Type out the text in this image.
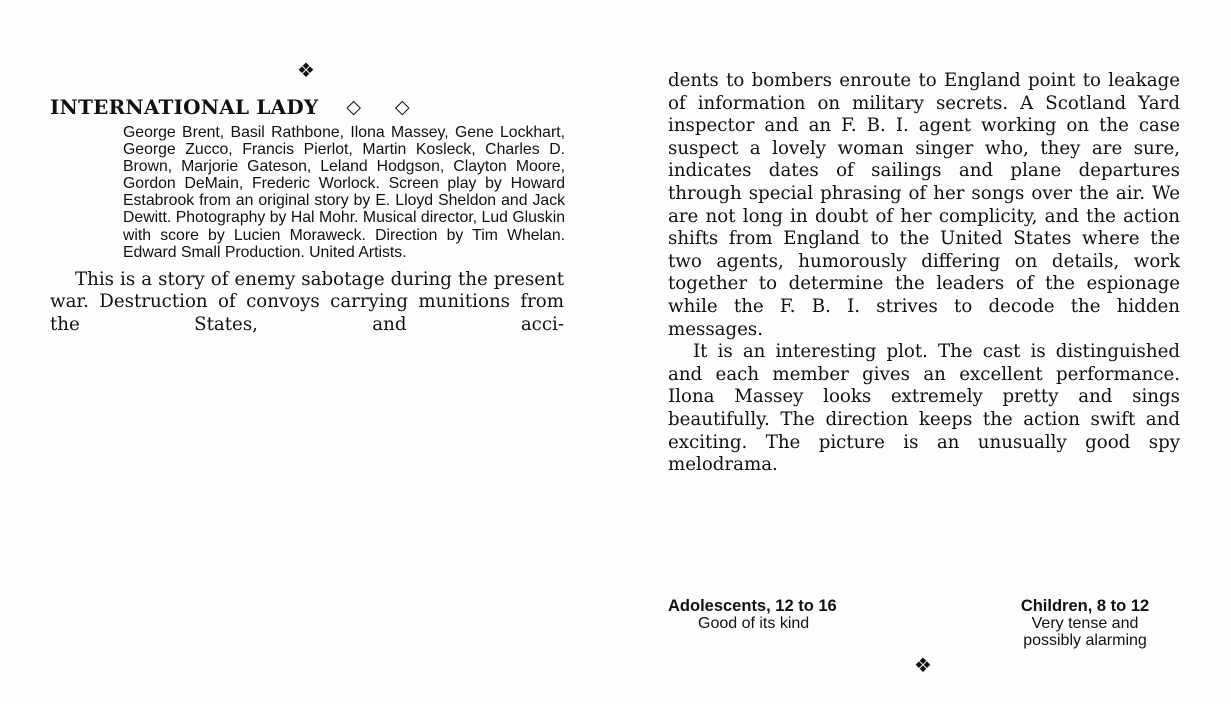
❖
INTERNATIONAL LADY ◇ ◇
George Brent, Basil Rathbone, Ilona Massey, Gene Lockhart, George Zucco, Francis Pierlot, Martin Kosleck, Charles D. Brown, Marjorie Gateson, Leland Hodgson, Clayton Moore, Gordon DeMain, Frederic Worlock. Screen play by Howard Estabrook from an original story by E. Lloyd Sheldon and Jack Dewitt. Photography by Hal Mohr. Musical director, Lud Gluskin with score by Lucien Moraweck. Direction by Tim Whelan. Edward Small Production. United Artists.
This is a story of enemy sabotage during the present war. Destruction of convoys carrying munitions from the States, and acci-

dents to bombers enroute to England point to leakage of information on military secrets. A Scotland Yard inspector and an F. B. I. agent working on the case suspect a lovely woman singer who, they are sure, indicates dates of sailings and plane departures through special phrasing of her songs over the air. We are not long in doubt of her complicity, and the action shifts from England to the United States where the two agents, humorously differing on details, work together to determine the leaders of the espionage while the F. B. I. strives to decode the hidden messages.

It is an interesting plot. The cast is distinguished and each member gives an excellent performance. Ilona Massey looks extremely pretty and sings beautifully. The direction keeps the action swift and exciting. The picture is an unusually good spy melodrama.

Adolescents, 12 to 16
Good of its kind
Children, 8 to 12
Very tense and
possibly alarming
❖
